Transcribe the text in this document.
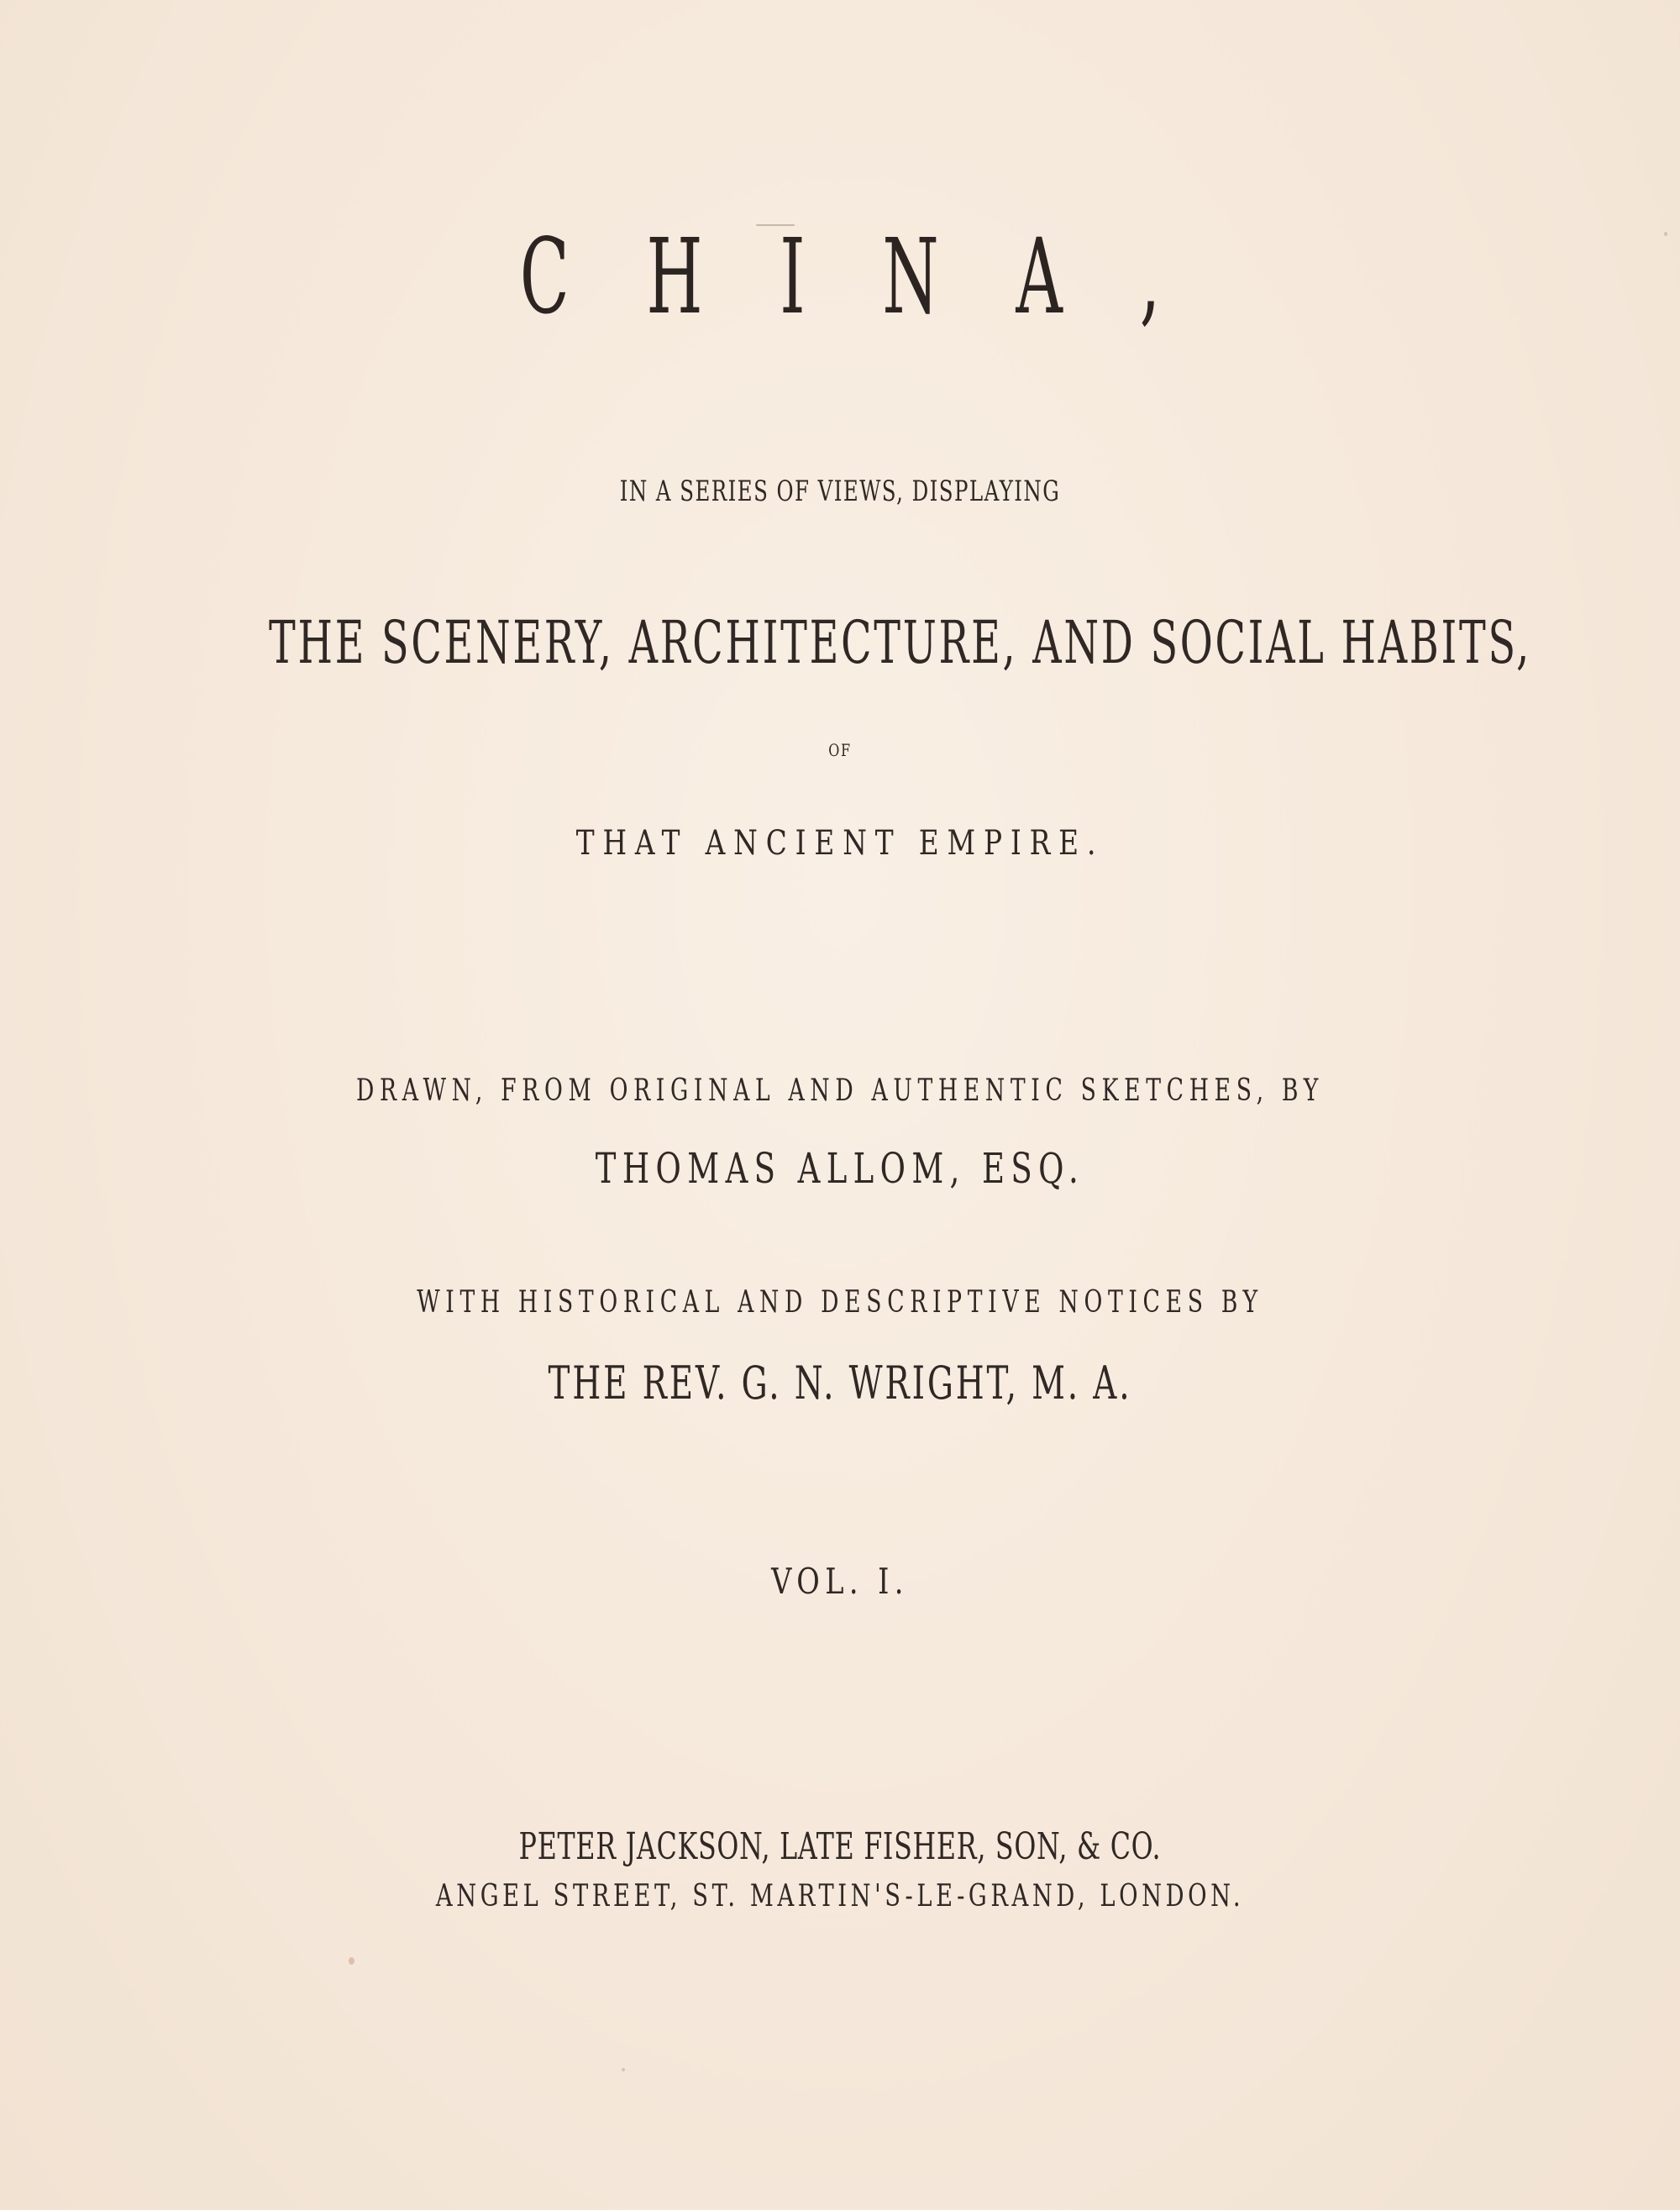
CHINA,
IN A SERIES OF VIEWS, DISPLAYING
THE SCENERY, ARCHITECTURE, AND SOCIAL HABITS,
OF
THAT ANCIENT EMPIRE.
DRAWN, FROM ORIGINAL AND AUTHENTIC SKETCHES, BY
THOMAS ALLOM, ESQ.
WITH HISTORICAL AND DESCRIPTIVE NOTICES BY
THE REV. G. N. WRIGHT, M. A.
VOL. I.
PETER JACKSON, LATE FISHER, SON, & CO.
ANGEL STREET, ST. MARTIN'S-LE-GRAND, LONDON.
